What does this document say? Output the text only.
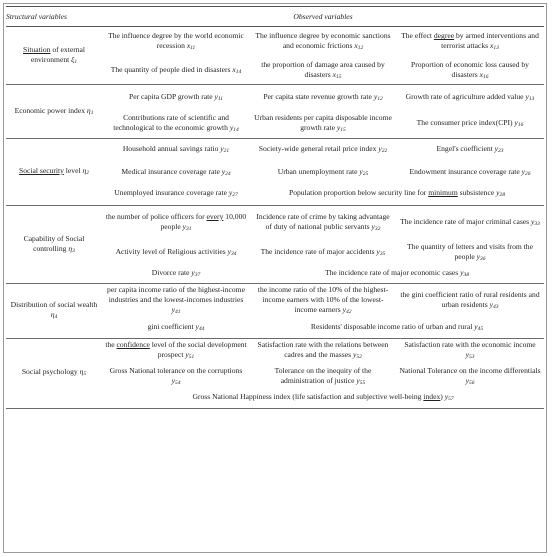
Structural variables	Observed variables		
Situation of external environment ξ1	The influence degree by the world economic recession x11	The influence degree by economic sanctions and economic frictions x12	The effect degree by armed interventions and terrorist attacks x13
	The quantity of people died in disasters x14	the proportion of damage area caused by disasters x15	Proportion of economic loss caused by disasters x16
Economic power index η1	Per capita GDP growth rate y11	Per capita state revenue growth rate y12	Growth rate of agriculture added value y13
	Contributions rate of scientific and technological to the economic growth y14	Urban residents per capita disposable income growth rate y15	The consumer price index(CPI) y16
Social security level η2	Household annual savings ratio y21	Society-wide general retail price index y22	Engel's coefficient y23
	Medical insurance coverage rate y24	Urban unemployment rate y25	Endowment insurance coverage rate y26
	Unemployed insurance coverage rate y27	Population proportion below security line for minimum subsistence y28	
Capability of Social controlling η3	the number of police officers for every 10,000 people y31	Incidence rate of crime by taking advantage of duty of national public servants y32	The incidence rate of major criminal cases y33
	Activity level of Religious activities y34	The incidence rate of major accidents y35	The quantity of letters and visits from the people y36
	Divorce rate y37	The incidence rate of major economic cases y38	
Distribution of social wealth η4	per capita income ratio of the highest-income industries and the lowest-incomes industries y41	the income ratio of the 10% of the highest-income earners with 10% of the lowest-income earners y42	the gini coefficient ratio of rural residents and urban residents y43
	gini coefficient y44	Residents' disposable income ratio of urban and rural y45	
Social psychology η5	the confidence level of the social development prospect y51	Satisfaction rate with the relations between cadres and the masses y52	Satisfaction rate with the economic income y53
	Gross National tolerance on the corruptions y54	Tolerance on the inequity of the administration of justice y55	National Tolerance on the income differentials y56
	Gross National Happiness index (life satisfaction and subjective well-being index) y57		
